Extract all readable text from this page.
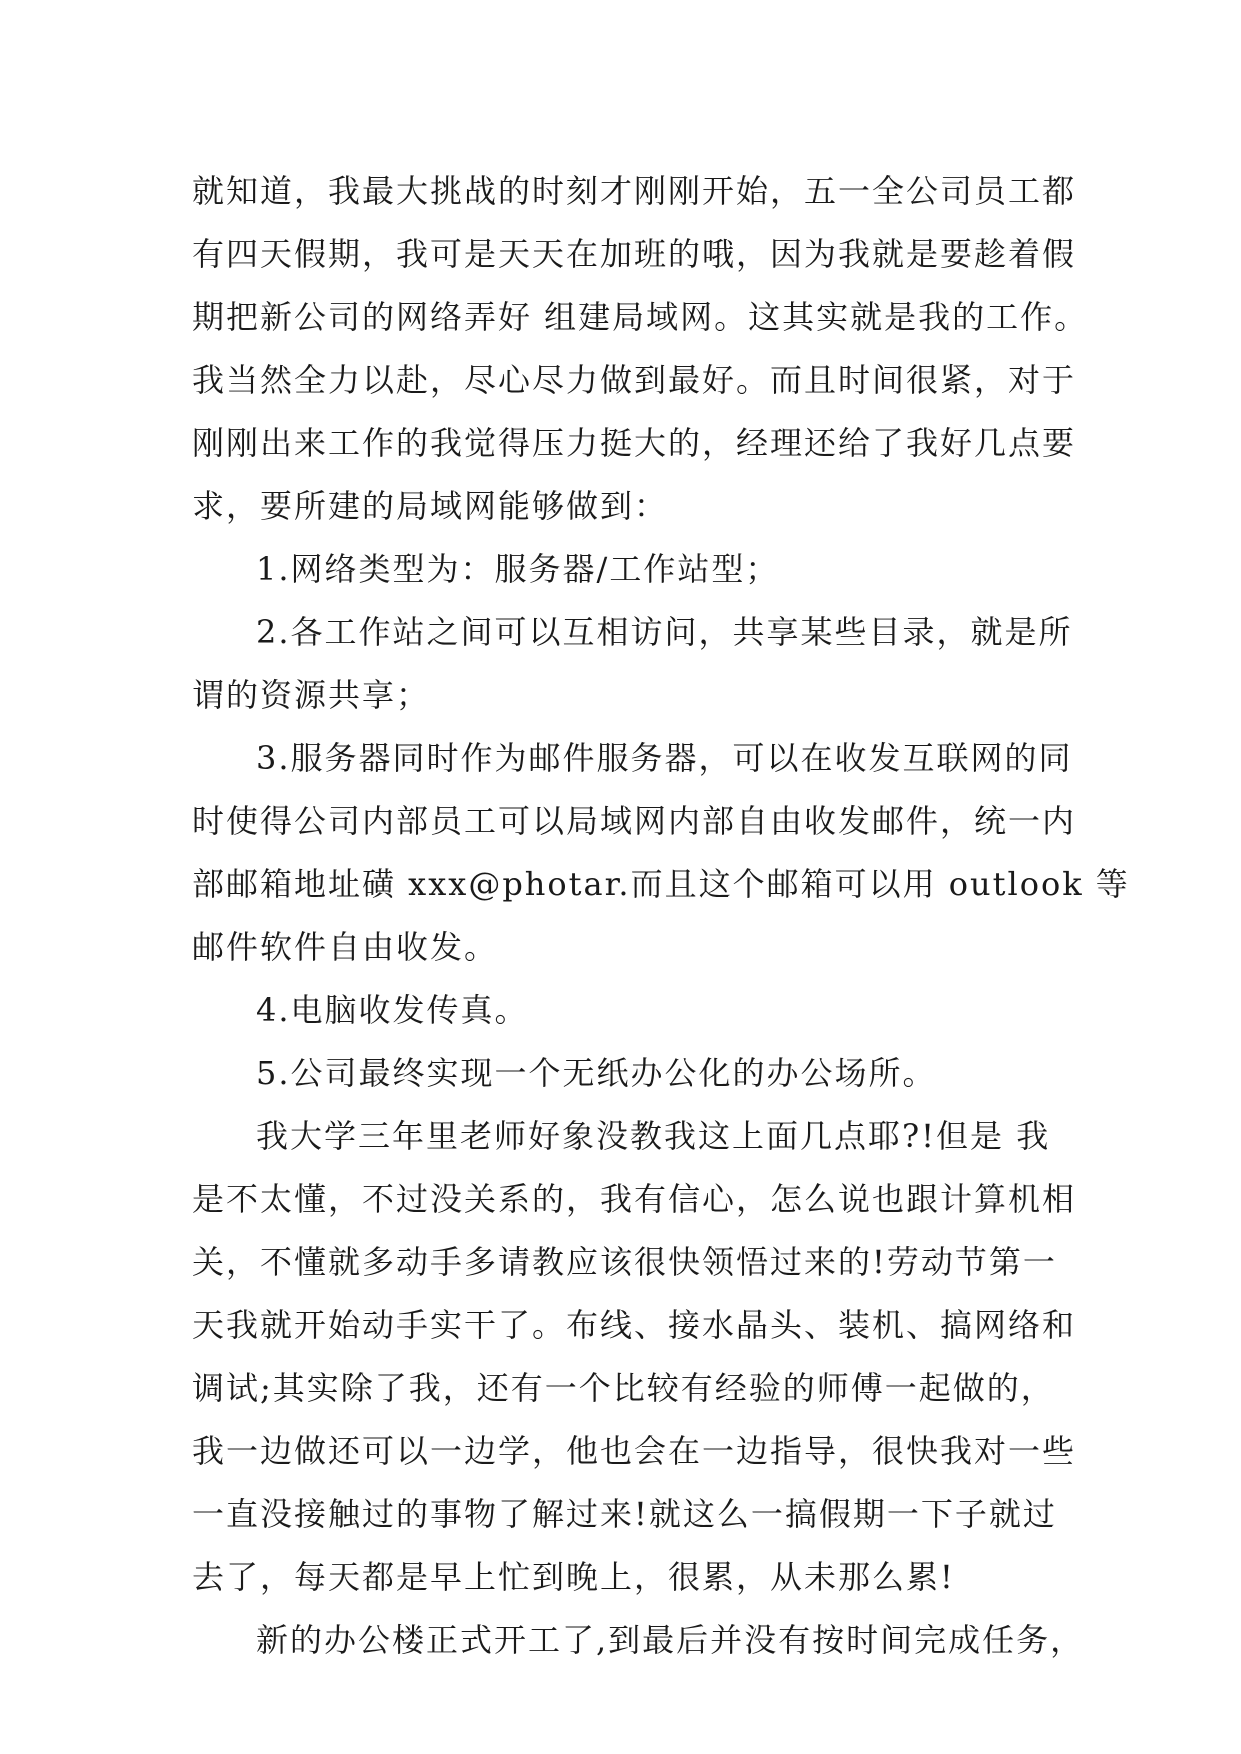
就知道，我最大挑战的时刻才刚刚开始，五一全公司员工都
有四天假期，我可是天天在加班的哦，因为我就是要趁着假
期把新公司的网络弄好 组建局域网。这其实就是我的工作。
我当然全力以赴，尽心尽力做到最好。而且时间很紧，对于
刚刚出来工作的我觉得压力挺大的，经理还给了我好几点要
求，要所建的局域网能够做到：
1.网络类型为：服务器/工作站型；
2.各工作站之间可以互相访问，共享某些目录，就是所
谓的资源共享；
3.服务器同时作为邮件服务器，可以在收发互联网的同
时使得公司内部员工可以局域网内部自由收发邮件，统一内
部邮箱地址磺 xxx@photar.而且这个邮箱可以用 outlook 等
邮件软件自由收发。
4.电脑收发传真。
5.公司最终实现一个无纸办公化的办公场所。
我大学三年里老师好象没教我这上面几点耶?!但是 我
是不太懂，不过没关系的，我有信心，怎么说也跟计算机相
关，不懂就多动手多请教应该很快领悟过来的!劳动节第一
天我就开始动手实干了。布线、接水晶头、装机、搞网络和
调试;其实除了我，还有一个比较有经验的师傅一起做的，
我一边做还可以一边学，他也会在一边指导，很快我对一些
一直没接触过的事物了解过来!就这么一搞假期一下子就过
去了，每天都是早上忙到晚上，很累，从未那么累!
新的办公楼正式开工了,到最后并没有按时间完成任务，
